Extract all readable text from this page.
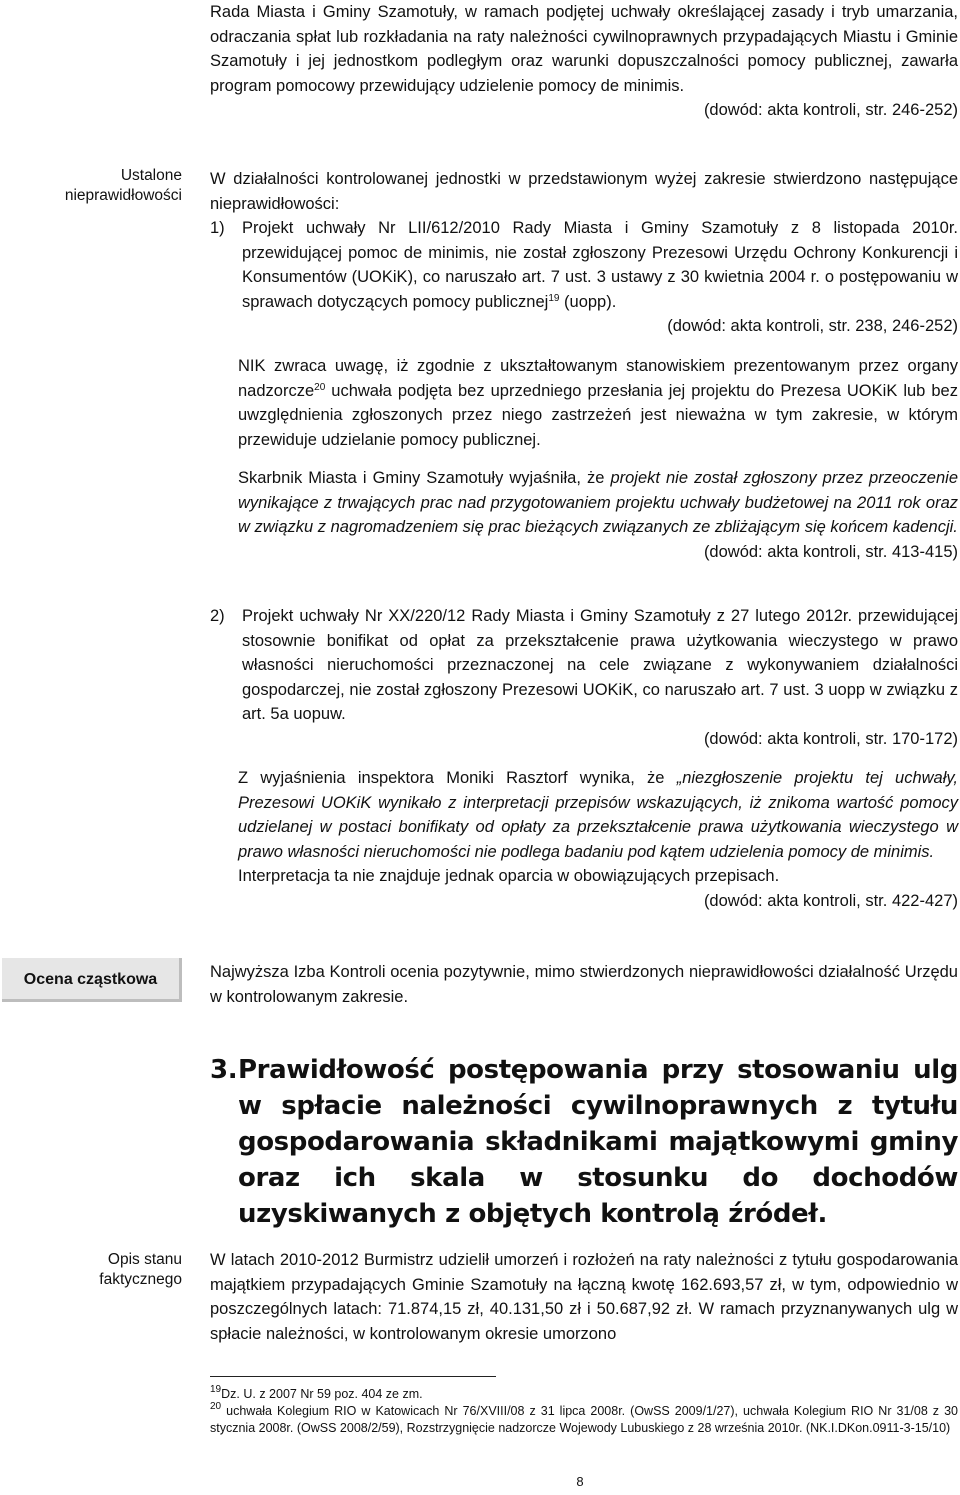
Rada Miasta i Gminy Szamotuły, w ramach podjętej uchwały określającej zasady i tryb umarzania, odraczania spłat lub rozkładania na raty należności cywilnoprawnych przypadających Miastu i Gminie Szamotuły i jej jednostkom podległym oraz warunki dopuszczalności pomocy publicznej, zawarła program pomocowy przewidujący udzielenie pomocy de minimis.

(dowód: akta kontroli, str. 246-252)

Ustalone
nieprawidłowości

W działalności kontrolowanej jednostki w przedstawionym wyżej zakresie stwierdzono następujące nieprawidłowości:

1)	Projekt uchwały Nr LII/612/2010 Rady Miasta i Gminy Szamotuły z 8 listopada 2010r. przewidującej pomoc de minimis, nie został zgłoszony Prezesowi Urzędu Ochrony Konkurencji i Konsumentów (UOKiK), co naruszało art. 7 ust. 3 ustawy z 30 kwietnia 2004 r. o postępowaniu w sprawach dotyczących pomocy publicznej$^{19}$ (uopp).
(dowód: akta kontroli, str. 238, 246-252)

NIK zwraca uwagę, iż zgodnie z ukształtowanym stanowiskiem prezentowanym przez organy nadzorcze$^{20}$ uchwała podjęta bez uprzedniego przesłania jej projektu do Prezesa UOKiK lub bez uwzględnienia zgłoszonych przez niego zastrzeżeń jest nieważna w tym zakresie, w którym przewiduje udzielanie pomocy publicznej.

Skarbnik Miasta i Gminy Szamotuły wyjaśniła, że projekt nie został zgłoszony przez przeoczenie wynikające z trwających prac nad przygotowaniem projektu uchwały budżetowej na 2011 rok oraz w związku z nagromadzeniem się prac bieżących związanych ze zbliżającym się końcem kadencji.

(dowód: akta kontroli, str. 413-415)

2)	Projekt uchwały Nr XX/220/12 Rady Miasta i Gminy Szamotuły z 27 lutego 2012r. przewidującej stosownie bonifikat od opłat za przekształcenie prawa użytkowania wieczystego w prawo własności nieruchomości przeznaczonej na cele związane z wykonywaniem działalności gospodarczej, nie został zgłoszony Prezesowi UOKiK, co naruszało art. 7 ust. 3 uopp w związku z art. 5a uopuw.
(dowód: akta kontroli, str. 170-172)

Z wyjaśnienia inspektora Moniki Rasztorf wynika, że „niezgłoszenie projektu tej uchwały, Prezesowi UOKiK wynikało z interpretacji przepisów wskazujących, iż znikoma wartość pomocy udzielanej w postaci bonifikaty od opłaty za przekształcenie prawa użytkowania wieczystego w prawo własności nieruchomości nie podlega badaniu pod kątem udzielenia pomocy de minimis.

Interpretacja ta nie znajduje jednak oparcia w obowiązujących przepisach.

(dowód: akta kontroli, str. 422-427)

Ocena cząstkowa	Najwyższa Izba Kontroli ocenia pozytywnie, mimo stwierdzonych nieprawidłowości działalność Urzędu w kontrolowanym zakresie.

3. Prawidłowość postępowania przy stosowaniu ulg w spłacie należności cywilnoprawnych z tytułu gospodarowania składnikami majątkowymi gminy oraz ich skala w stosunku do dochodów uzyskiwanych z objętych kontrolą źródeł.
Opis stanu
faktycznego

W latach 2010-2012 Burmistrz udzielił umorzeń i rozłożeń na raty należności z tytułu gospodarowania majątkiem przypadających Gminie Szamotuły na łączną kwotę 162.693,57 zł, w tym, odpowiednio w poszczególnych latach: 71.874,15 zł, 40.131,50 zł i 50.687,92 zł. W ramach przyznanywanych ulg w spłacie należności, w kontrolowanym okresie umorzono

$^{19}$Dz. U. z 2007 Nr 59 poz. 404 ze zm.
$^{20}$ uchwała Kolegium RIO w Katowicach Nr 76/XVIII/08 z 31 lipca 2008r. (OwSS 2009/1/27), uchwała Kolegium RIO Nr 31/08 z 30 stycznia 2008r. (OwSS 2008/2/59), Rozstrzygnięcie nadzorcze Wojewody Lubuskiego z 28 września 2010r. (NK.I.DKon.0911-3-15/10)
8
